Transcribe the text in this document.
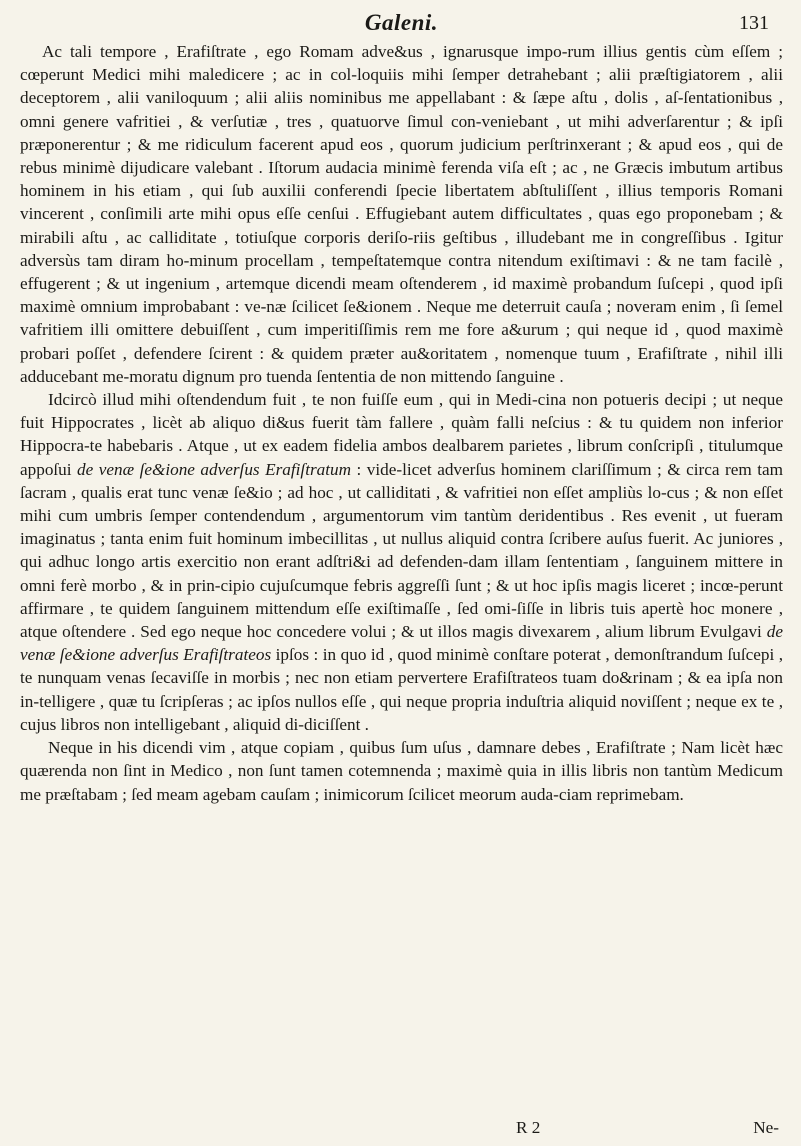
Galeni.	131

Ac tali tempore , Erafiſtrate , ego Romam adve&us , ignarusque impo-rum illius gentis cùm eſſem ; cœperunt Medici mihi maledicere ; ac in col-loquiis mihi ſemper detrahebant ; alii præſtigiatorem , alii deceptorem , alii vaniloquum ; alii aliis nominibus me appellabant : & ſæpe aſtu , dolis , aſ-ſentationibus , omni genere vafritiei , & verſutiæ , tres , quatuorve ſimul con-veniebant , ut mihi adverſarentur ; & ipſi præponerentur ; & me ridiculum facerent apud eos , quorum judicium perſtrinxerant ; & apud eos , qui de rebus minimè dijudicare valebant . Iſtorum audacia minimè ferenda viſa eſt ; ac , ne Græcis imbutum artibus hominem in his etiam , qui ſub auxilii conferendi ſpecie libertatem abſtuliſſent , illius temporis Romani vincerent , conſimili arte mihi opus eſſe cenſui . Effugiebant autem difficultates , quas ego proponebam ; & mirabili aſtu , ac calliditate , totiuſque corporis deriſo-riis geſtibus , illudebant me in congreſſibus . Igitur adversùs tam diram ho-minum procellam , tempeſtatemque contra nitendum exiſtimavi : & ne tam facilè , effugerent ; & ut ingenium , artemque dicendi meam oſtenderem , id maximè probandum ſuſcepi , quod ipſi maximè omnium improbabant : ve-næ ſcilicet ſe&ionem . Neque me deterruit cauſa ; noveram enim , ſi ſemel vafritiem illi omittere debuiſſent , cum imperitiſſimis rem me fore a&urum ; qui neque id , quod maximè probari poſſet , defendere ſcirent : & quidem præter au&oritatem , nomenque tuum , Erafiſtrate , nihil illi adducebant me-moratu dignum pro tuenda ſententia de non mittendo ſanguine .

Idcircò illud mihi oſtendendum fuit , te non fuiſſe eum , qui in Medi-cina non potueris decipi ; ut neque fuit Hippocrates , licèt ab aliquo di&us fuerit tàm fallere , quàm falli neſcius : & tu quidem non inferior Hippocra-te habebaris . Atque , ut ex eadem fidelia ambos dealbarem parietes , librum conſcripſi , titulumque appoſui de venæ ſe&ione adverſus Erafiſtratum : vide-licet adverſus hominem clariſſimum ; & circa rem tam ſacram , qualis erat tunc venæ ſe&io ; ad hoc , ut calliditati , & vafritiei non eſſet ampliùs lo-cus ; & non eſſet mihi cum umbris ſemper contendendum , argumentorum vim tantùm deridentibus . Res evenit , ut fueram imaginatus ; tanta enim fuit hominum imbecillitas , ut nullus aliquid contra ſcribere auſus fuerit. Ac juniores , qui adhuc longo artis exercitio non erant adſtri&i ad defenden-dam illam ſententiam , ſanguinem mittere in omni ferè morbo , & in prin-cipio cujuſcumque febris aggreſſi ſunt ; & ut hoc ipſis magis liceret ; incœ-perunt affirmare , te quidem ſanguinem mittendum eſſe exiſtimaſſe , ſed omi-ſiſſe in libris tuis apertè hoc monere , atque oſtendere . Sed ego neque hoc concedere volui ; & ut illos magis divexarem , alium librum Evulgavi de venæ ſe&ione adverſus Erafiſtrateos ipſos : in quo id , quod minimè conſtare poterat , demonſtrandum ſuſcepi , te nunquam venas ſecaviſſe in morbis ; nec non etiam pervertere Erafiſtrateos tuam do&rinam ; & ea ipſa non in-telligere , quæ tu ſcripſeras ; ac ipſos nullos eſſe , qui neque propria induſtria aliquid noviſſent ; neque ex te , cujus libros non intelligebant , aliquid di-diciſſent .

Neque in his dicendi vim , atque copiam , quibus ſum uſus , damnare debes , Erafiſtrate ; Nam licèt hæc quærenda non ſint in Medico , non ſunt tamen cotemnenda ; maximè quia in illis libris non tantùm Medicum me præſtabam ; ſed meam agebam cauſam ; inimicorum ſcilicet meorum auda-ciam reprimebam.

R 2	Ne-
